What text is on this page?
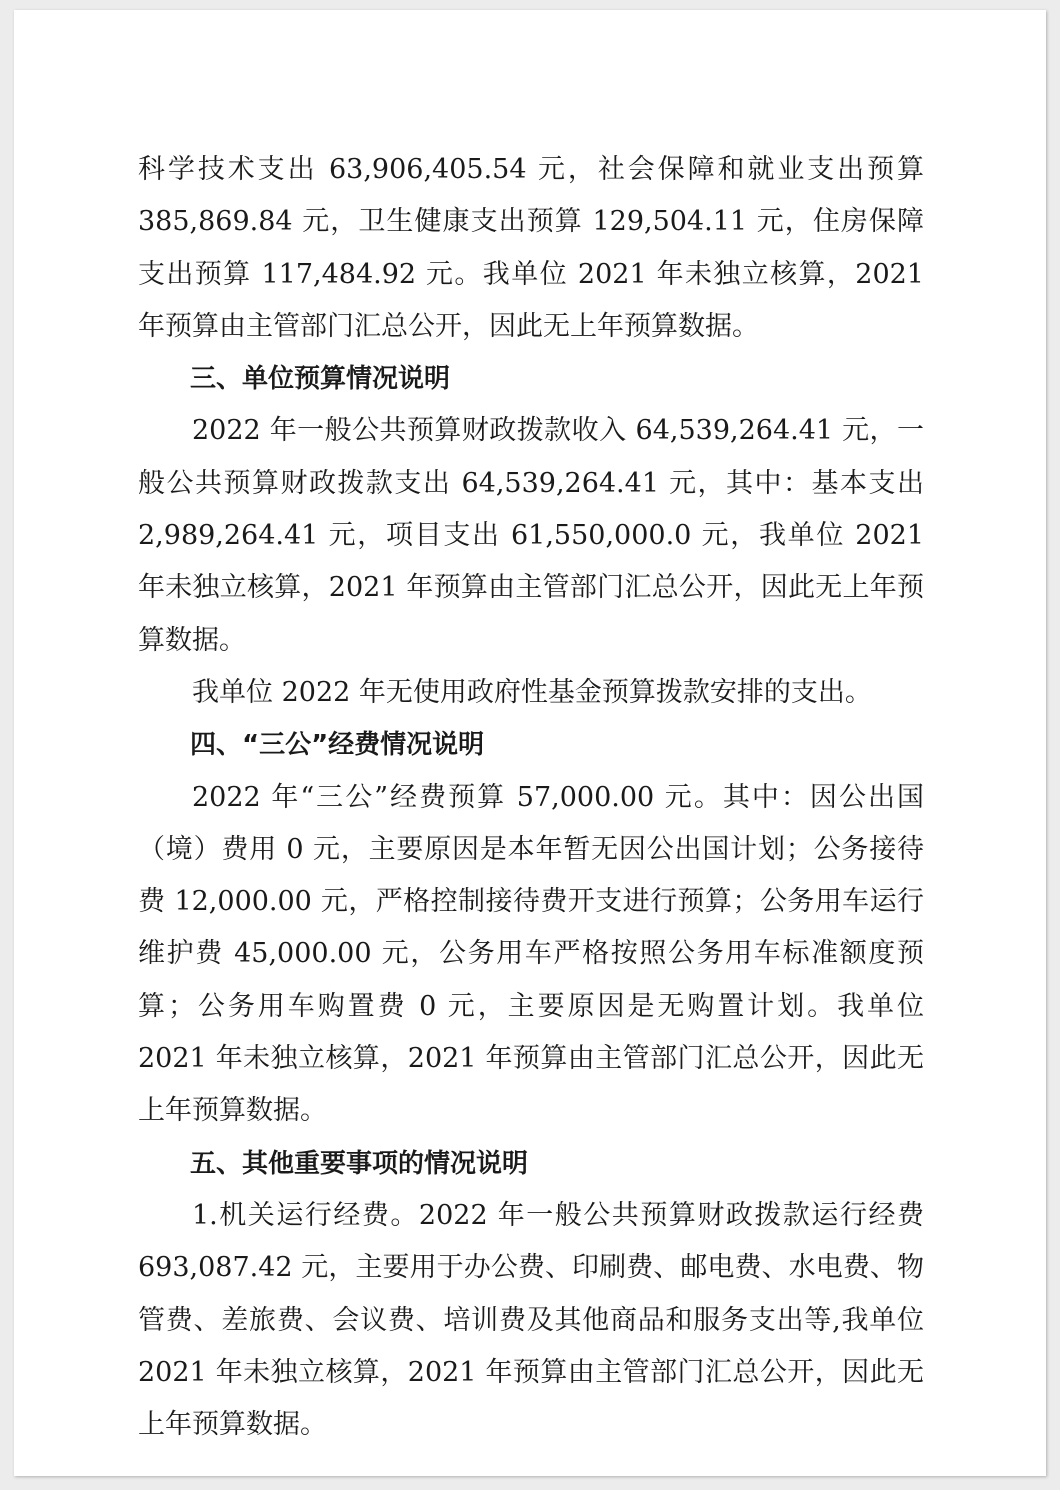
科学技术支出 63,906,405.54 元，社会保障和就业支出预算 385,869.84 元，卫生健康支出预算 129,504.11 元，住房保障支出预算 117,484.92 元。我单位 2021 年未独立核算，2021 年预算由主管部门汇总公开，因此无上年预算数据。

三、单位预算情况说明

2022 年一般公共预算财政拨款收入 64,539,264.41 元，一般公共预算财政拨款支出 64,539,264.41 元，其中：基本支出 2,989,264.41 元，项目支出 61,550,000.0 元，我单位 2021 年未独立核算，2021 年预算由主管部门汇总公开，因此无上年预算数据。

我单位 2022 年无使用政府性基金预算拨款安排的支出。

四、“三公”经费情况说明

2022 年“三公”经费预算 57,000.00 元。其中：因公出国（境）费用 0 元，主要原因是本年暂无因公出国计划；公务接待费 12,000.00 元，严格控制接待费开支进行预算；公务用车运行维护费 45,000.00 元，公务用车严格按照公务用车标准额度预算；公务用车购置费 0 元，主要原因是无购置计划。我单位 2021 年未独立核算，2021 年预算由主管部门汇总公开，因此无上年预算数据。

五、其他重要事项的情况说明

1.机关运行经费。2022 年一般公共预算财政拨款运行经费 693,087.42 元，主要用于办公费、印刷费、邮电费、水电费、物管费、差旅费、会议费、培训费及其他商品和服务支出等,我单位 2021 年未独立核算，2021 年预算由主管部门汇总公开，因此无上年预算数据。
